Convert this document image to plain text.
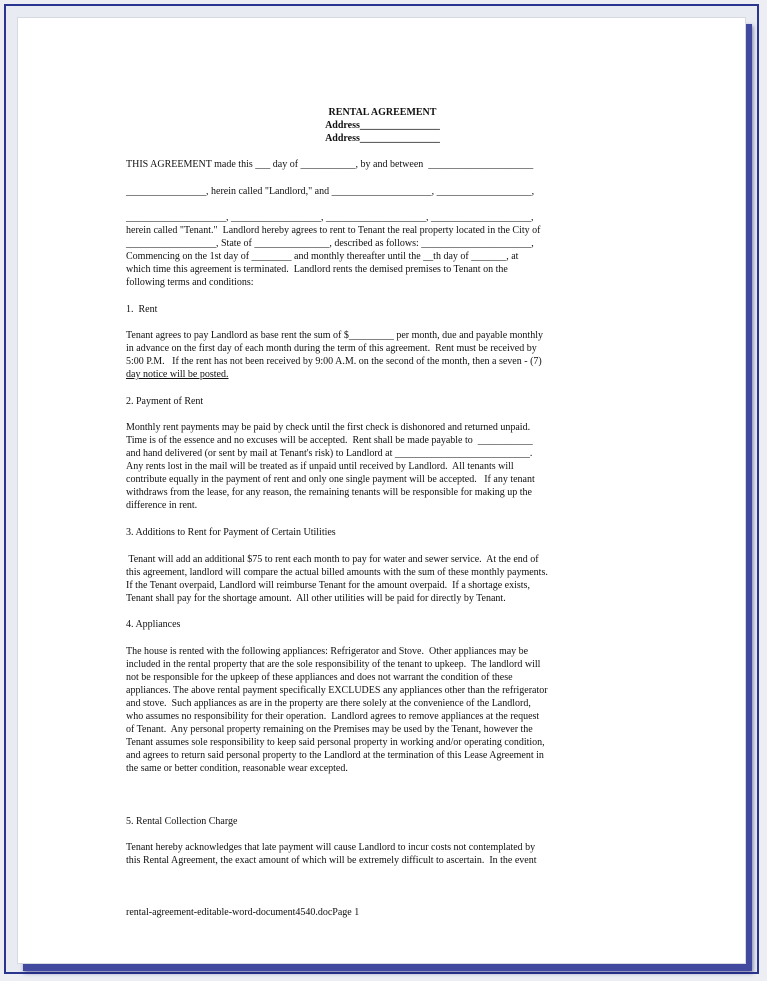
RENTAL AGREEMENT

Address________________

Address________________

THIS AGREEMENT made this ___ day of ___________, by and between  _____________________

________________, herein called "Landlord," and ____________________, ___________________,

____________________, __________________, ____________________, ____________________,

herein called "Tenant."  Landlord hereby agrees to rent to Tenant the real property located in the City of

__________________, State of _______________, described as follows: ______________________,

Commencing on the 1st day of ________ and monthly thereafter until the __th day of _______, at

which time this agreement is terminated.  Landlord rents the demised premises to Tenant on the

following terms and conditions:

1.  Rent

Tenant agrees to pay Landlord as base rent the sum of $_________ per month, due and payable monthly

in advance on the first day of each month during the term of this agreement.  Rent must be received by

5:00 P.M.   If the rent has not been received by 9:00 A.M. on the second of the month, then a seven - (7)

day notice will be posted.

2. Payment of Rent

Monthly rent payments may be paid by check until the first check is dishonored and returned unpaid.

Time is of the essence and no excuses will be accepted.  Rent shall be made payable to  ___________

and hand delivered (or sent by mail at Tenant's risk) to Landlord at ___________________________.

Any rents lost in the mail will be treated as if unpaid until received by Landlord.  All tenants will

contribute equally in the payment of rent and only one single payment will be accepted.   If any tenant

withdraws from the lease, for any reason, the remaining tenants will be responsible for making up the

difference in rent.

3. Additions to Rent for Payment of Certain Utilities

Tenant will add an additional $75 to rent each month to pay for water and sewer service.  At the end of

this agreement, landlord will compare the actual billed amounts with the sum of these monthly payments.

If the Tenant overpaid, Landlord will reimburse Tenant for the amount overpaid.  If a shortage exists,

Tenant shall pay for the shortage amount.  All other utilities will be paid for directly by Tenant.

4. Appliances

The house is rented with the following appliances: Refrigerator and Stove.  Other appliances may be

included in the rental property that are the sole responsibility of the tenant to upkeep.  The landlord will

not be responsible for the upkeep of these appliances and does not warrant the condition of these

appliances. The above rental payment specifically EXCLUDES any appliances other than the refrigerator

and stove.  Such appliances as are in the property are there solely at the convenience of the Landlord,

who assumes no responsibility for their operation.  Landlord agrees to remove appliances at the request

of Tenant.  Any personal property remaining on the Premises may be used by the Tenant, however the

Tenant assumes sole responsibility to keep said personal property in working and/or operating condition,

and agrees to return said personal property to the Landlord at the termination of this Lease Agreement in

the same or better condition, reasonable wear excepted.

5. Rental Collection Charge

Tenant hereby acknowledges that late payment will cause Landlord to incur costs not contemplated by

this Rental Agreement, the exact amount of which will be extremely difficult to ascertain.  In the event

rental-agreement-editable-word-document4540.docPage 1
